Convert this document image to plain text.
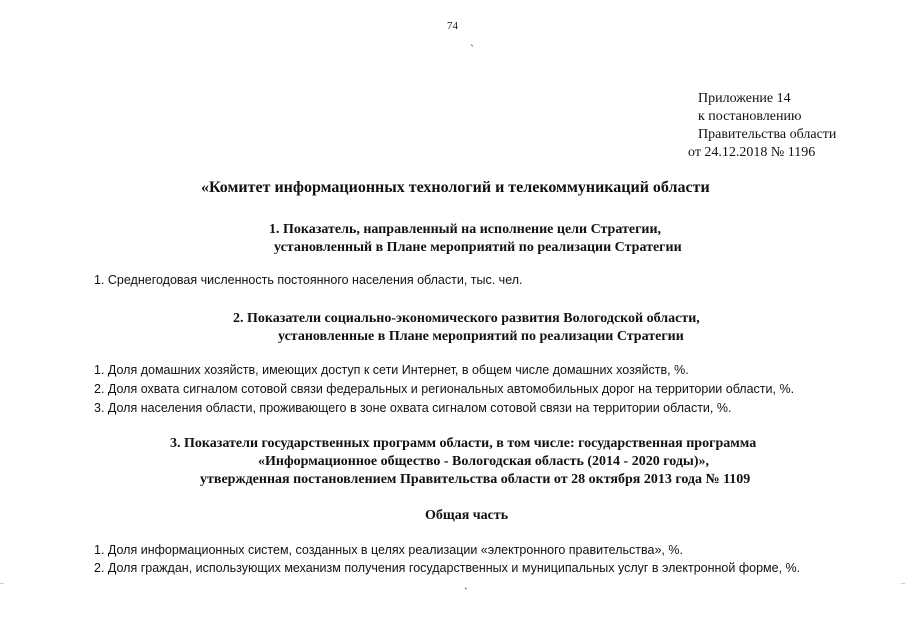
74
`
Приложение 14
к постановлению
Правительства области
от 24.12.2018 № 1196
«Комитет информационных технологий и телекоммуникаций области
1. Показатель, направленный на исполнение цели Стратегии,
установленный в Плане мероприятий по реализации Стратегии
1. Среднегодовая численность постоянного населения области, тыс. чел.
2. Показатели социально-экономического развития Вологодской области,
установленные в Плане мероприятий по реализации Стратегии
1. Доля домашних хозяйств, имеющих доступ к сети Интернет, в общем числе домашних хозяйств, %.
2. Доля охвата сигналом сотовой связи федеральных и региональных автомобильных дорог на территории области, %.
3. Доля населения области, проживающего в зоне охвата сигналом сотовой связи на территории области, %.
3. Показатели государственных программ области, в том числе: государственная программа
«Информационное общество - Вологодская область (2014 - 2020 годы)»,
утвержденная постановлением Правительства области от 28 октября 2013 года № 1109
Общая часть
1. Доля информационных систем, созданных в целях реализации «электронного правительства», %.
2. Доля граждан, использующих механизм получения государственных и муниципальных услуг в электронной форме, %.
`
